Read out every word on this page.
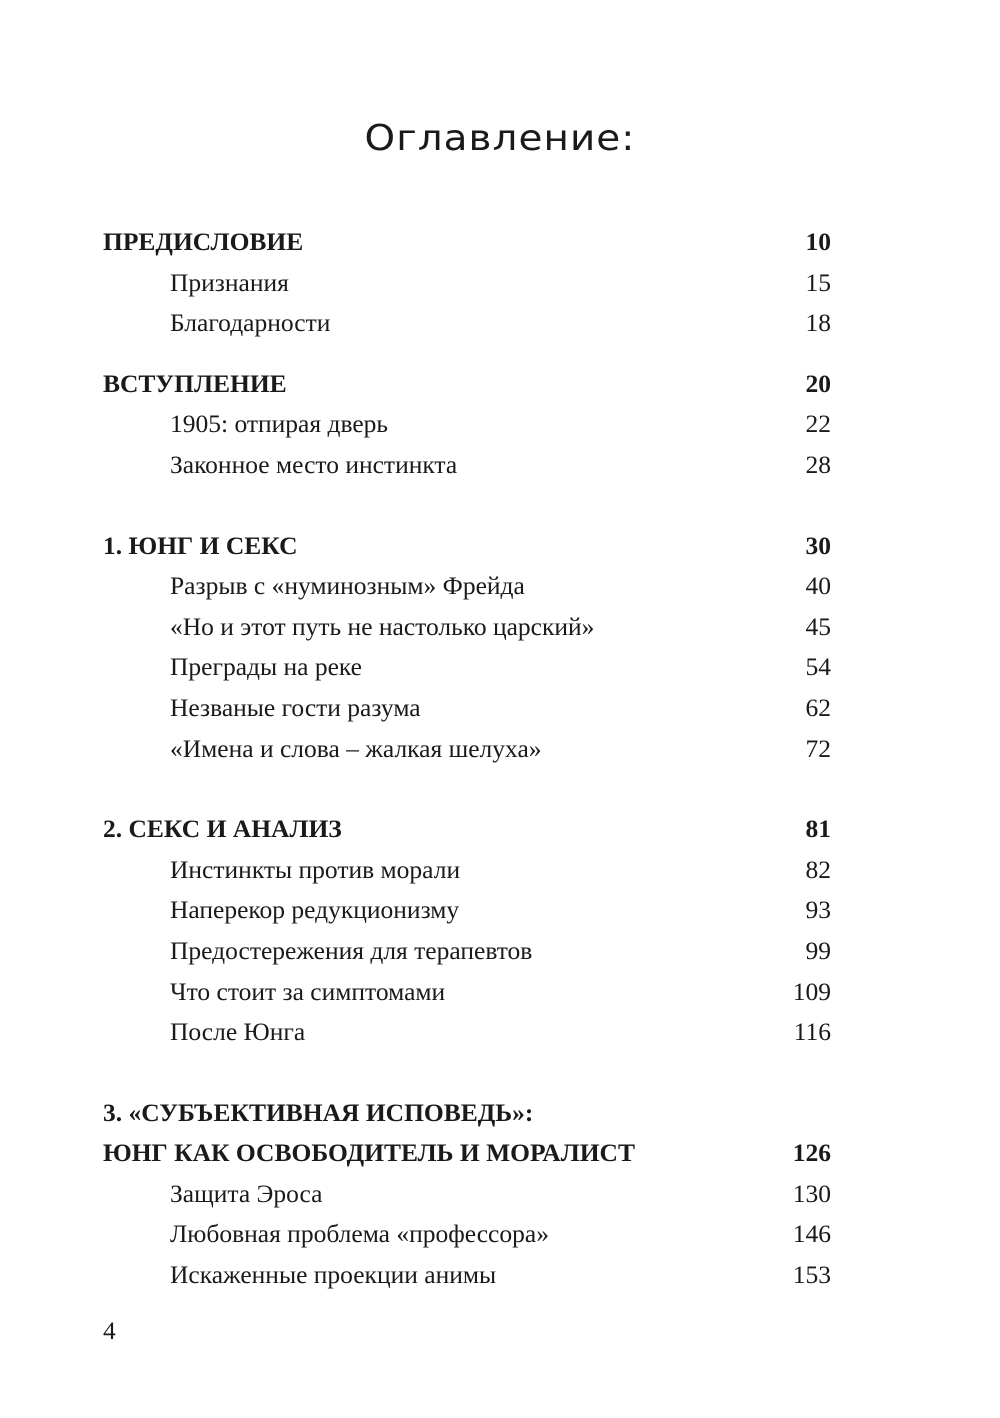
Оглавление:
ПРЕДИСЛОВИЕ	10
Признания	15
Благодарности	18
ВСТУПЛЕНИЕ	20
1905: отпирая дверь	22
Законное место инстинкта	28
1. ЮНГ И СЕКС	30
Разрыв с «нуминозным» Фрейда	40
«Но и этот путь не настолько царский»	45
Преграды на реке	54
Незваные гости разума	62
«Имена и слова – жалкая шелуха»	72
2. СЕКС И АНАЛИЗ	81
Инстинкты против морали	82
Наперекор редукционизму	93
Предостережения для терапевтов	99
Что стоит за симптомами	109
После Юнга	116
3. «СУБЪЕКТИВНАЯ ИСПОВЕДЬ»:
ЮНГ КАК ОСВОБОДИТЕЛЬ И МОРАЛИСТ	126
Защита Эроса	130
Любовная проблема «профессора»	146
Искаженные проекции анимы	153
4
